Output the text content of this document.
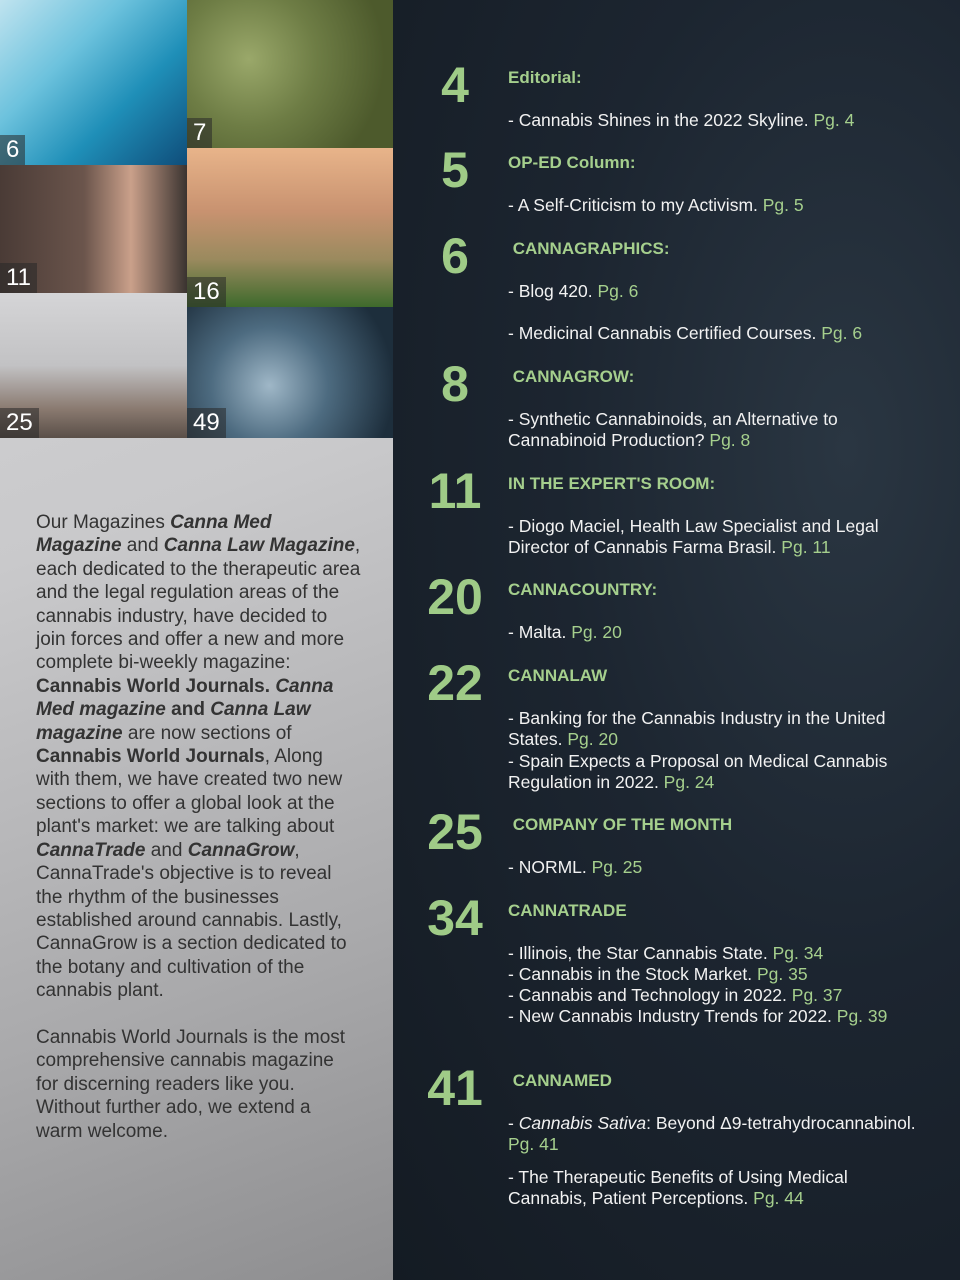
6
7
11
16
25	49

Our Magazines Canna Med Magazine and Canna Law Magazine, each dedicated to the therapeutic area and the legal regulation areas of the cannabis industry, have decided to join forces and offer a new and more complete bi-weekly magazine: Cannabis World Journals. Canna Med magazine and Canna Law magazine are now sections of Cannabis World Journals, Along with them, we have created two new sections to offer a global look at the plant's market: we are talking about CannaTrade and CannaGrow, CannaTrade's objective is to reveal the rhythm of the businesses established around cannabis. Lastly, CannaGrow is a section dedicated to the botany and cultivation of the cannabis plant.

Cannabis World Journals is the most comprehensive cannabis magazine for discerning readers like you. Without further ado, we extend a warm welcome.

4	Editorial:
- Cannabis Shines in the 2022 Skyline. Pg. 4
5	OP-ED Column:
- A Self-Criticism to my Activism. Pg. 5
6	CANNAGRAPHICS:
- Blog 420. Pg. 6
- Medicinal Cannabis Certified Courses. Pg. 6
8	CANNAGROW:
- Synthetic Cannabinoids, an Alternative to Cannabinoid Production? Pg. 8
11	IN THE EXPERT'S ROOM:
- Diogo Maciel, Health Law Specialist and Legal Director of Cannabis Farma Brasil. Pg. 11
20	CANNACOUNTRY:
- Malta. Pg. 20
22	CANNALAW
- Banking for the Cannabis Industry in the United States. Pg. 20
- Spain Expects a Proposal on Medical Cannabis Regulation in 2022. Pg. 24
25	COMPANY OF THE MONTH
- NORML. Pg. 25
34	CANNATRADE
- Illinois, the Star Cannabis State. Pg. 34
- Cannabis in the Stock Market. Pg. 35
- Cannabis and Technology in 2022. Pg. 37
- New Cannabis Industry Trends for 2022. Pg. 39
41	CANNAMED
- Cannabis Sativa: Beyond Δ9-tetrahydrocannabinol. Pg. 41
- The Therapeutic Benefits of Using Medical Cannabis, Patient Perceptions. Pg. 44
